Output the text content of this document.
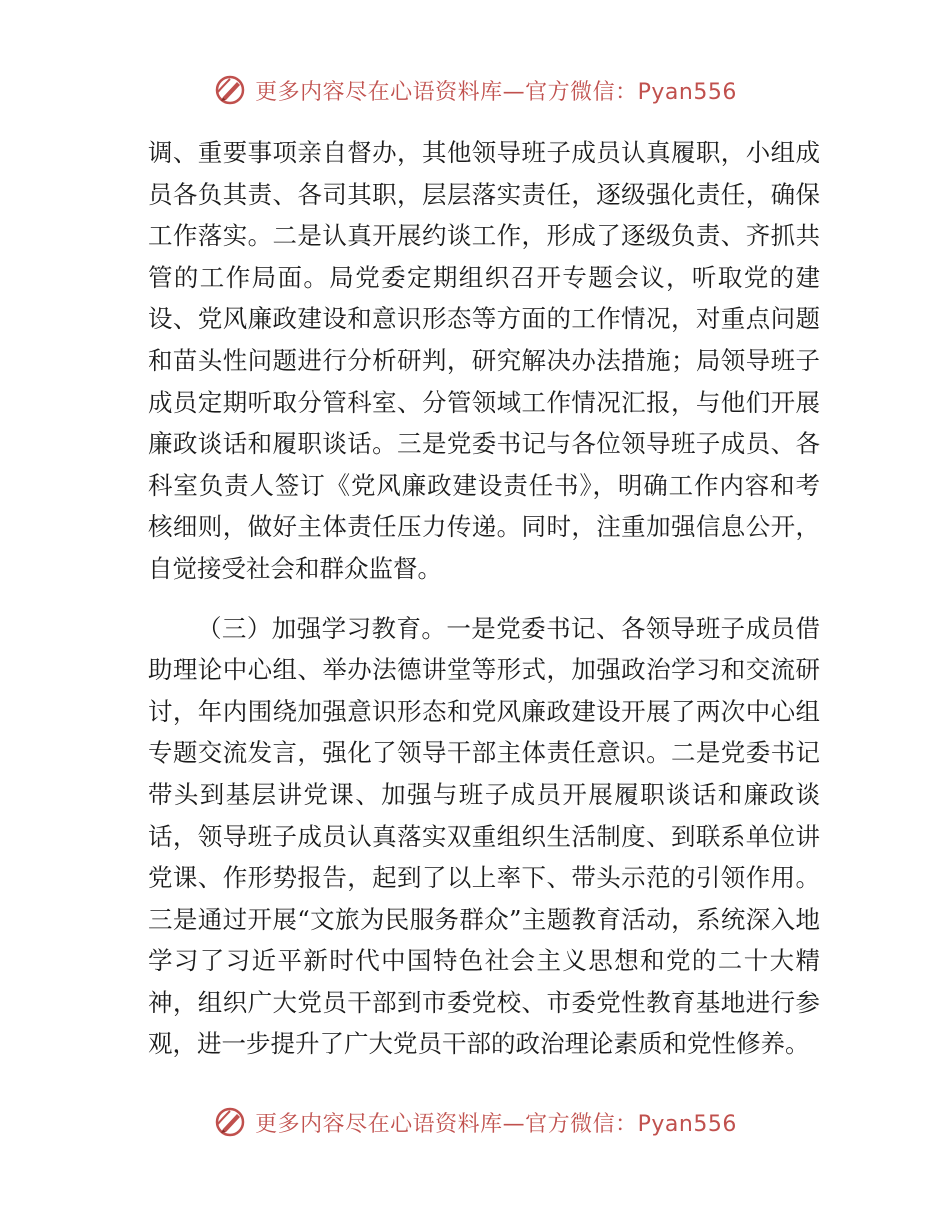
更多内容尽在心语资料库—官方微信：Pyan556

调、重要事项亲自督办，其他领导班子成员认真履职，小组成员各负其责、各司其职，层层落实责任，逐级强化责任，确保工作落实。二是认真开展约谈工作，形成了逐级负责、齐抓共管的工作局面。局党委定期组织召开专题会议，听取党的建设、党风廉政建设和意识形态等方面的工作情况，对重点问题和苗头性问题进行分析研判，研究解决办法措施；局领导班子成员定期听取分管科室、分管领域工作情况汇报，与他们开展廉政谈话和履职谈话。三是党委书记与各位领导班子成员、各科室负责人签订《党风廉政建设责任书》，明确工作内容和考核细则，做好主体责任压力传递。同时，注重加强信息公开，自觉接受社会和群众监督。

（三）加强学习教育。一是党委书记、各领导班子成员借助理论中心组、举办法德讲堂等形式，加强政治学习和交流研讨，年内围绕加强意识形态和党风廉政建设开展了两次中心组专题交流发言，强化了领导干部主体责任意识。二是党委书记带头到基层讲党课、加强与班子成员开展履职谈话和廉政谈话，领导班子成员认真落实双重组织生活制度、到联系单位讲党课、作形势报告，起到了以上率下、带头示范的引领作用。三是通过开展“文旅为民服务群众”主题教育活动，系统深入地学习了习近平新时代中国特色社会主义思想和党的二十大精神，组织广大党员干部到市委党校、市委党性教育基地进行参观，进一步提升了广大党员干部的政治理论素质和党性修养。

更多内容尽在心语资料库—官方微信：Pyan556
